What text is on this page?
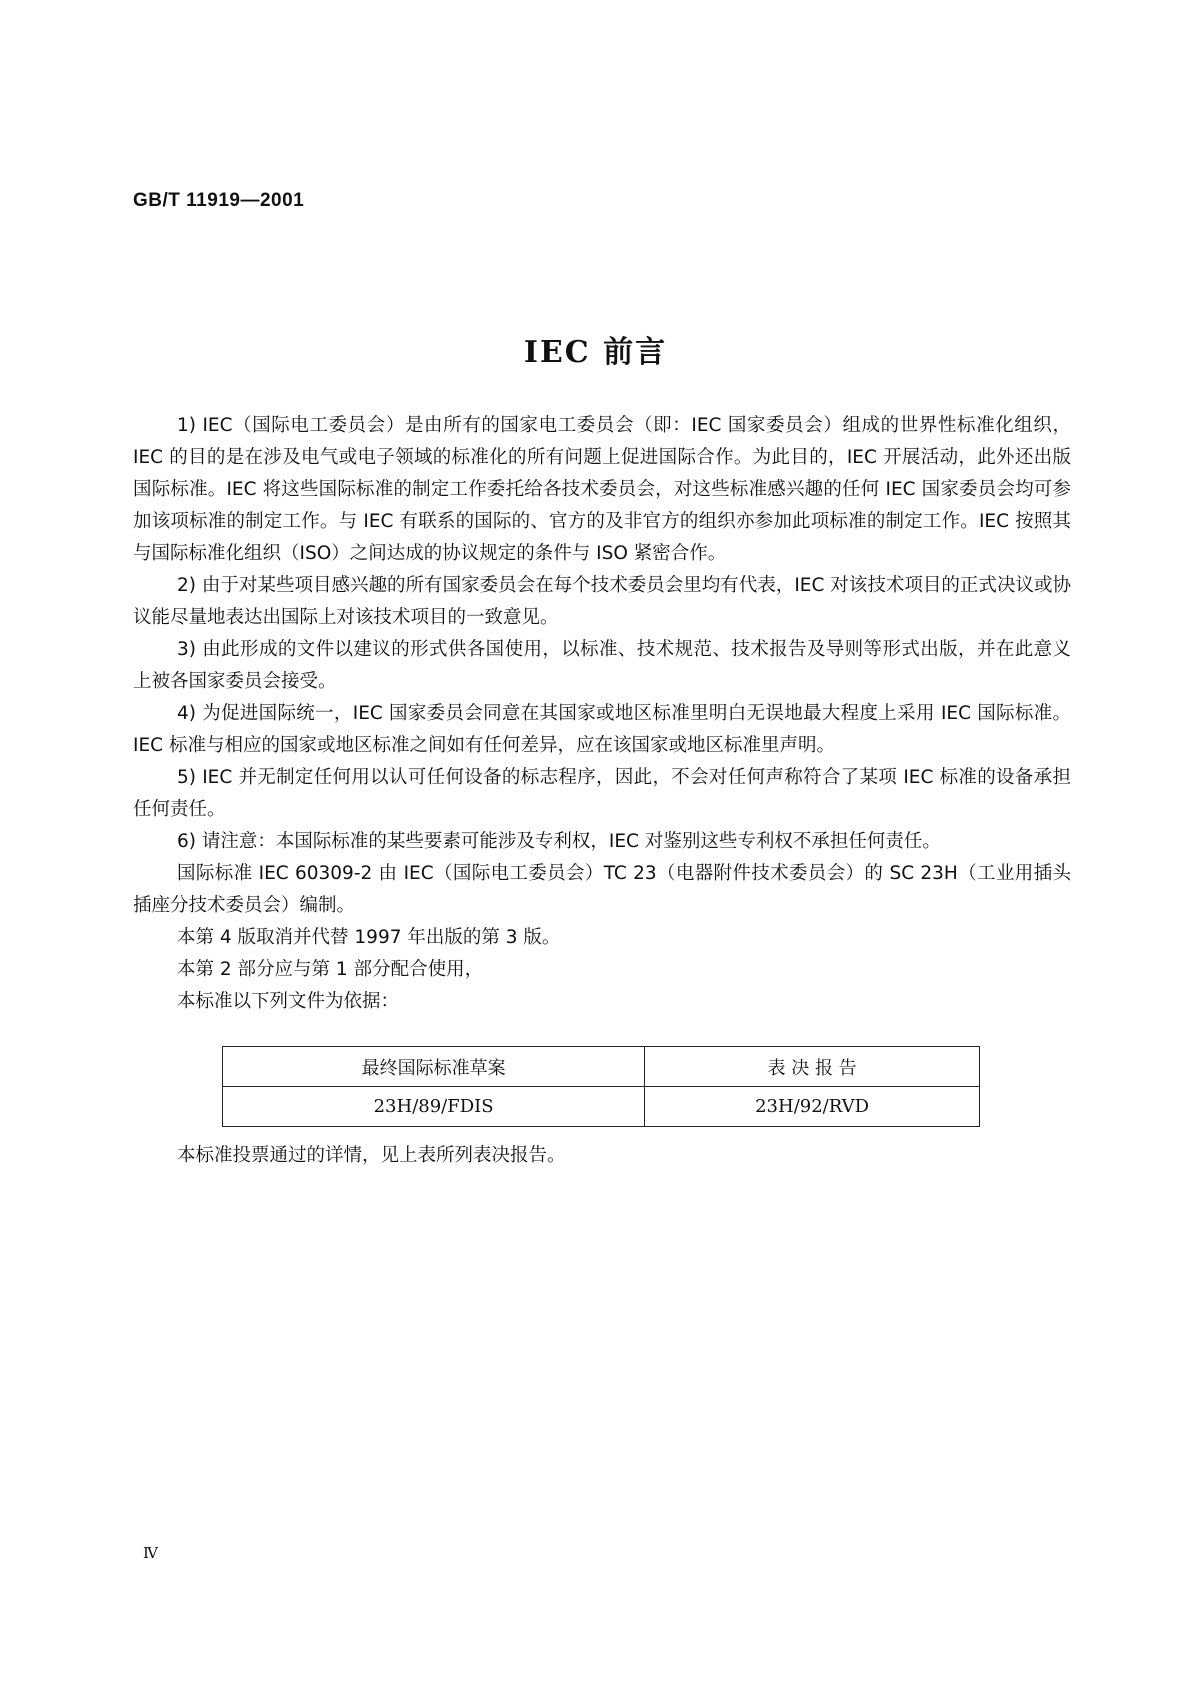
GB/T 11919—2001
IEC 前言

1) IEC（国际电工委员会）是由所有的国家电工委员会（即：IEC 国家委员会）组成的世界性标准化组织，IEC 的目的是在涉及电气或电子领域的标准化的所有问题上促进国际合作。为此目的，IEC 开展活动，此外还出版国际标准。IEC 将这些国际标准的制定工作委托给各技术委员会，对这些标准感兴趣的任何 IEC 国家委员会均可参加该项标准的制定工作。与 IEC 有联系的国际的、官方的及非官方的组织亦参加此项标准的制定工作。IEC 按照其与国际标准化组织（ISO）之间达成的协议规定的条件与 ISO 紧密合作。

2) 由于对某些项目感兴趣的所有国家委员会在每个技术委员会里均有代表，IEC 对该技术项目的正式决议或协议能尽量地表达出国际上对该技术项目的一致意见。

3) 由此形成的文件以建议的形式供各国使用，以标准、技术规范、技术报告及导则等形式出版，并在此意义上被各国家委员会接受。

4) 为促进国际统一，IEC 国家委员会同意在其国家或地区标准里明白无误地最大程度上采用 IEC 国际标准。IEC 标准与相应的国家或地区标准之间如有任何差异，应在该国家或地区标准里声明。

5) IEC 并无制定任何用以认可任何设备的标志程序，因此，不会对任何声称符合了某项 IEC 标准的设备承担任何责任。

6) 请注意：本国际标准的某些要素可能涉及专利权，IEC 对鉴别这些专利权不承担任何责任。

国际标准 IEC 60309-2 由 IEC（国际电工委员会）TC 23（电器附件技术委员会）的 SC 23H（工业用插头插座分技术委员会）编制。

本第 4 版取消并代替 1997 年出版的第 3 版。

本第 2 部分应与第 1 部分配合使用，

本标准以下列文件为依据：

最终国际标准草案	表 决 报 告
23H/89/FDIS	23H/92/RVD
本标准投票通过的详情，见上表所列表决报告。
Ⅳ
